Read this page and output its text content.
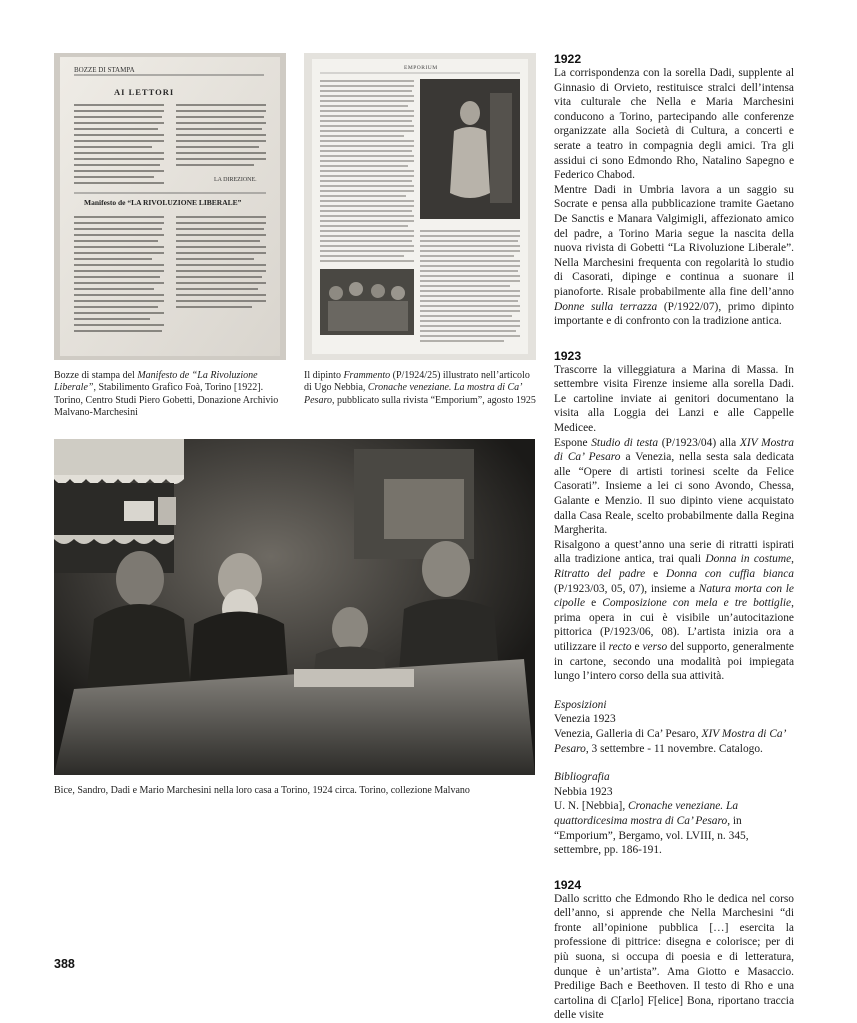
BOZZE DI STAMPA
AI LETTORI
LA DIREZIONE.
Manifesto de “LA RIVOLUZIONE LIBERALE”
EMPORIUM
Bozze di stampa del Manifesto de “La Rivoluzione Liberale”, Stabilimento Grafico Foà, Torino [1922]. Torino, Centro Studi Piero Gobetti, Donazione Archivio Malvano-Marchesini
Il dipinto Frammento (P/1924/25) illustrato nell’articolo di Ugo Nebbia, Cronache veneziane. La mostra di Ca’ Pesaro, pubblicato sulla rivista “Emporium”, agosto 1925
Bice, Sandro, Dadi e Mario Marchesini nella loro casa a Torino, 1924 circa. Torino, collezione Malvano
1922

La corrispondenza con la sorella Dadi, supplente al Ginnasio di Orvieto, restituisce stralci dell’intensa vita culturale che Nella e Maria Marchesini conducono a Torino, partecipando alle conferenze organizzate alla Società di Cultura, a concerti e serate a teatro in compagnia degli amici. Tra gli assidui ci sono Edmondo Rho, Natalino Sapegno e Federico Chabod.

Mentre Dadi in Umbria lavora a un saggio su Socrate e pensa alla pubblicazione tramite Gaetano De Sanctis e Manara Valgimigli, affezionato amico del padre, a Torino Maria segue la nascita della nuova rivista di Gobetti “La Rivoluzione Liberale”. Nella Marchesini frequenta con regolarità lo studio di Casorati, dipinge e continua a suonare il pianoforte. Risale probabilmente alla fine dell’anno Donne sulla terrazza (P/1922/07), primo dipinto importante e di confronto con la tradizione antica.

1923

Trascorre la villeggiatura a Marina di Massa. In settembre visita Firenze insieme alla sorella Dadi. Le cartoline inviate ai genitori documentano la visita alla Loggia dei Lanzi e alle Cappelle Medicee.

Espone Studio di testa (P/1923/04) alla XIV Mostra di Ca’ Pesaro a Venezia, nella sesta sala dedicata alle “Opere di artisti torinesi scelte da Felice Casorati”. Insieme a lei ci sono Avondo, Chessa, Galante e Menzio. Il suo dipinto viene acquistato dalla Casa Reale, scelto probabilmente dalla Regina Margherita.

Risalgono a quest’anno una serie di ritratti ispirati alla tradizione antica, trai quali Donna in costume, Ritratto del padre e Donna con cuffia bianca (P/1923/03, 05, 07), insieme a Natura morta con le cipolle e Composizione con mela e tre bottiglie, prima opera in cui è visibile un’autocitazione pittorica (P/1923/06, 08). L’artista inizia ora a utilizzare il recto e verso del supporto, generalmente in cartone, secondo una modalità poi impiegata lungo l’intero corso della sua attività.

Esposizioni

Venezia 1923

Venezia, Galleria di Ca’ Pesaro, XIV Mostra di Ca’ Pesaro, 3 settembre - 11 novembre. Catalogo.

Bibliografia

Nebbia 1923

U. N. [Nebbia], Cronache veneziane. La quattordicesima mostra di Ca’ Pesaro, in “Emporium”, Bergamo, vol. LVIII, n. 345, settembre, pp. 186-191.

1924

Dallo scritto che Edmondo Rho le dedica nel corso dell’anno, si apprende che Nella Marchesini “di fronte all’opinione pubblica […] esercita la professione di pittrice: disegna e colorisce; per di più suona, si occupa di poesia e di letteratura, dunque è un’artista”. Ama Giotto e Masaccio. Predilige Bach e Beethoven. Il testo di Rho e una cartolina di C[arlo] F[elice] Bona, riportano traccia delle visite

388
